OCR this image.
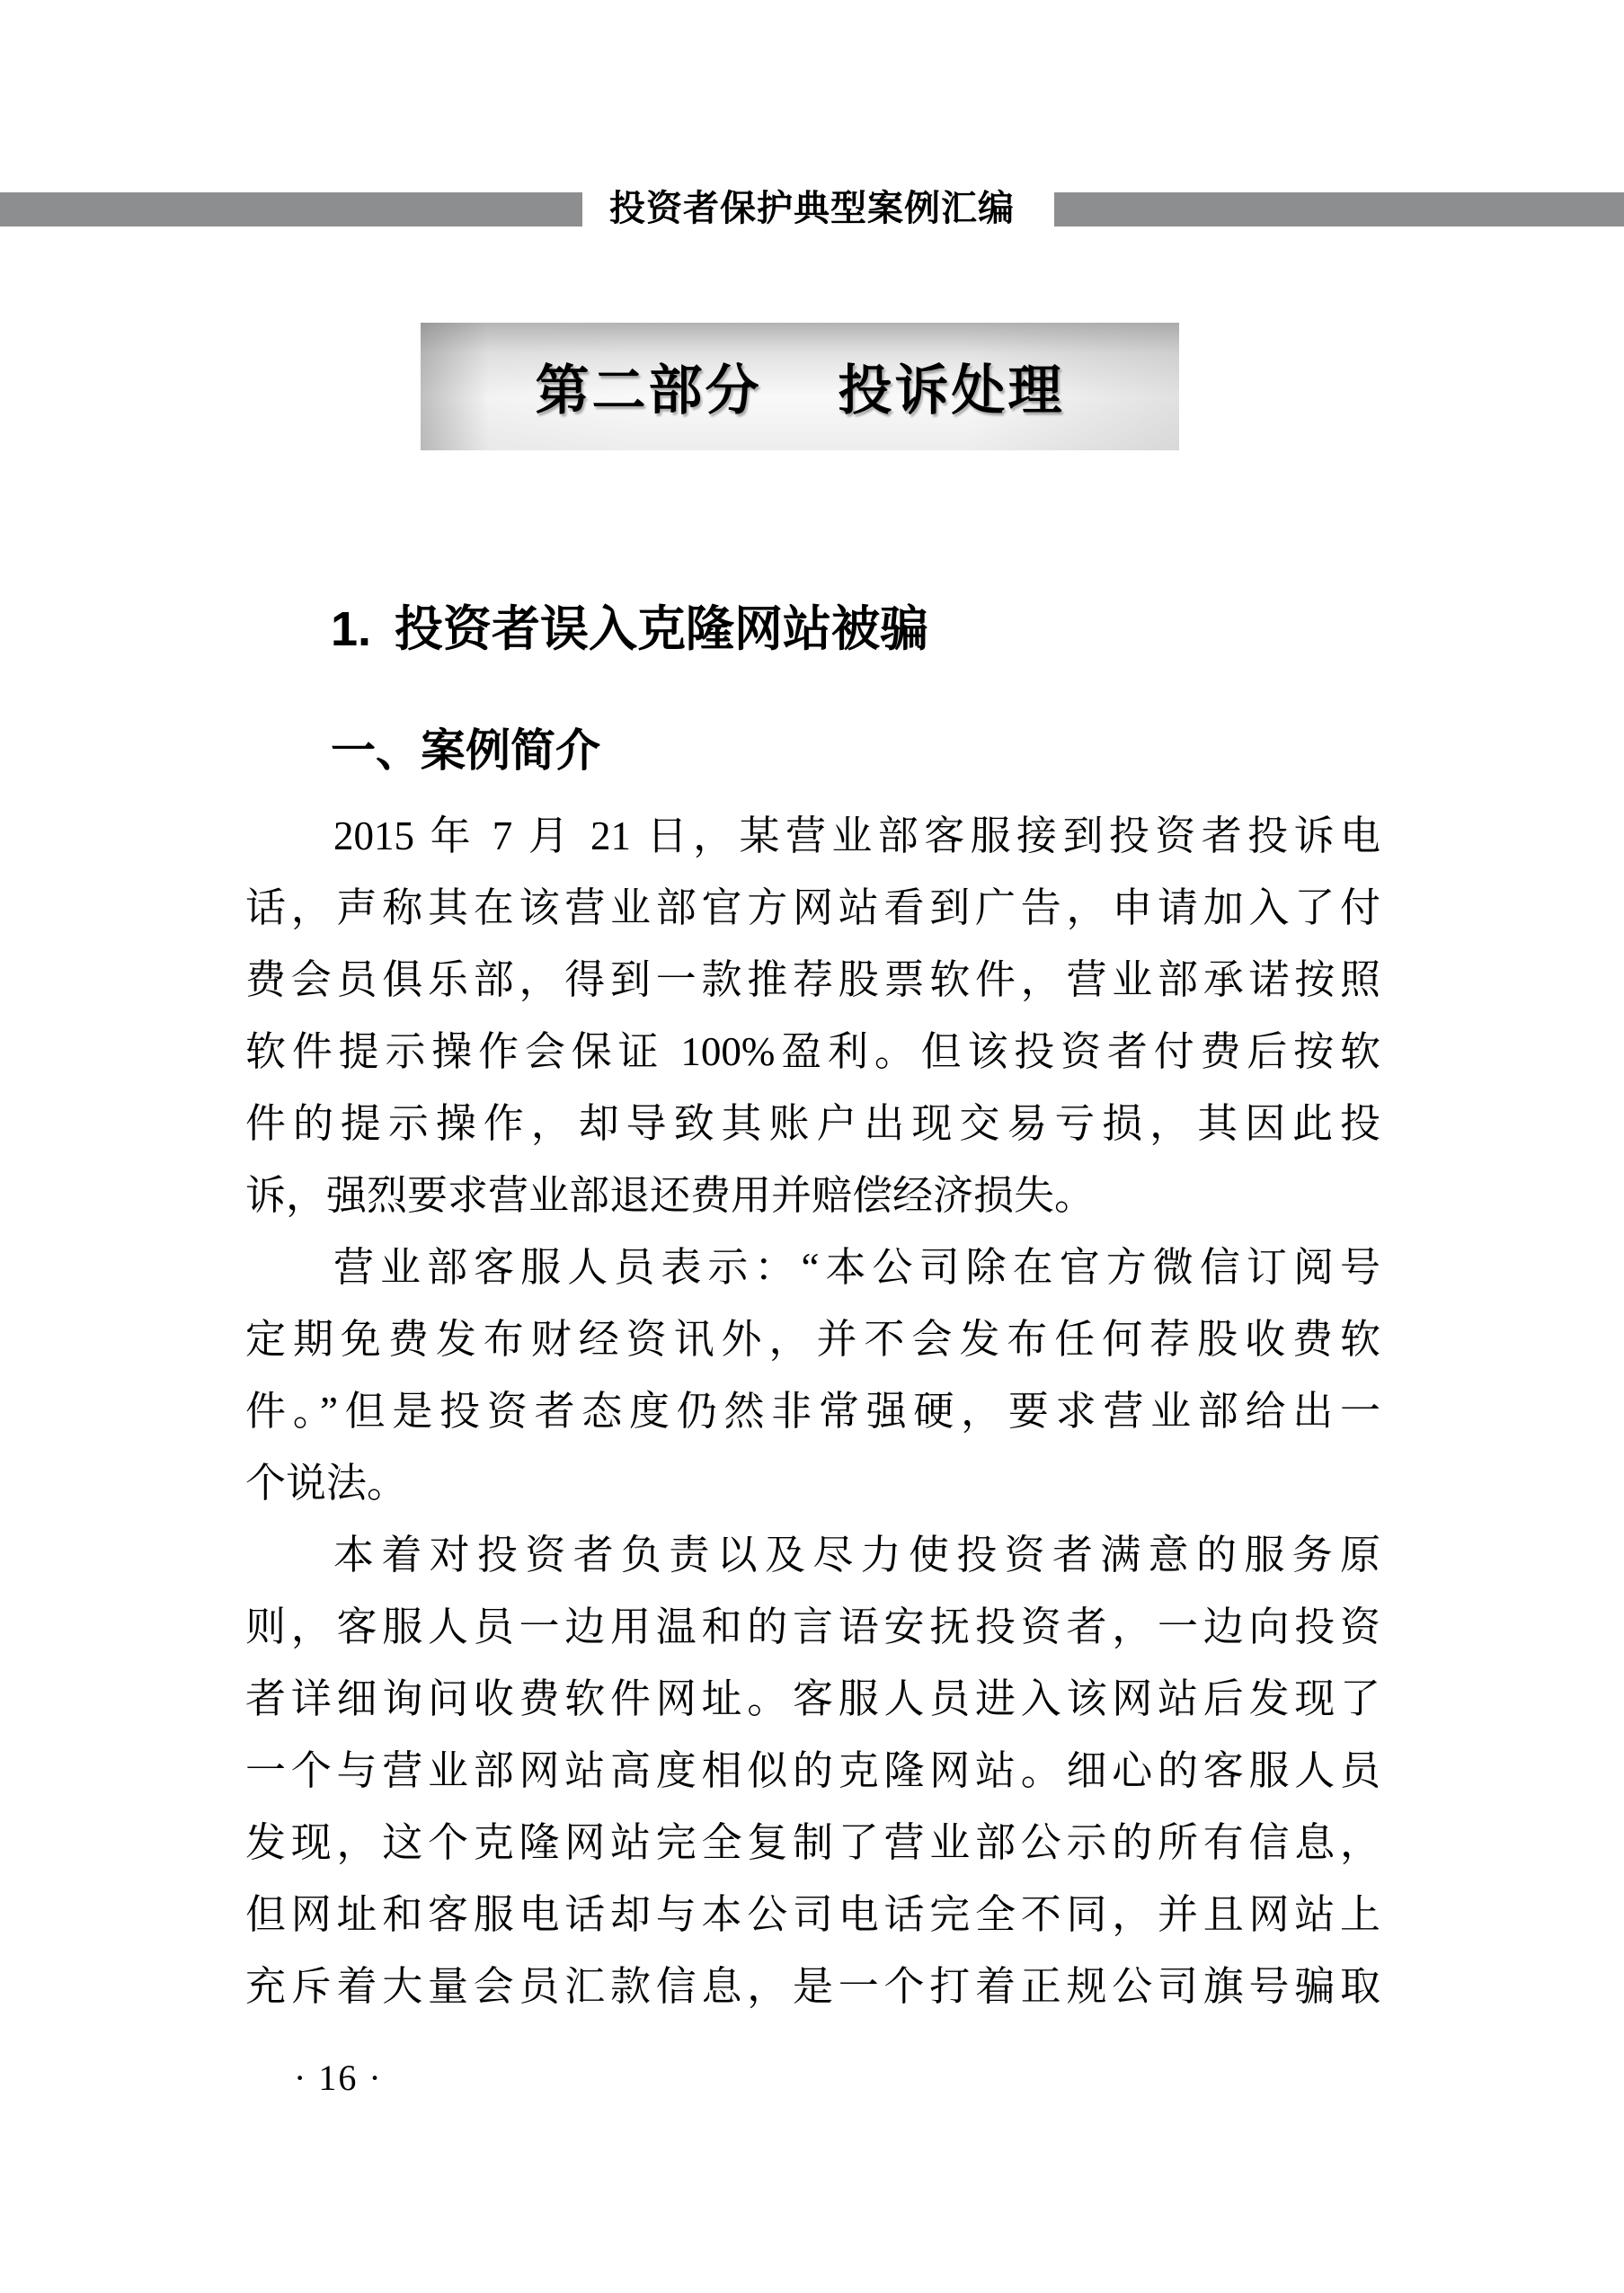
投资者保护典型案例汇编
第二部分 投诉处理
1. 投资者误入克隆网站被骗
一、案例简介
2015 年 7 月 21 日，某营业部客服接到投资者投诉电
话，声称其在该营业部官方网站看到广告，申请加入了付
费会员俱乐部，得到一款推荐股票软件，营业部承诺按照
软件提示操作会保证 100%盈利。但该投资者付费后按软
件的提示操作，却导致其账户出现交易亏损，其因此投
诉，强烈要求营业部退还费用并赔偿经济损失。
营业部客服人员表示：“本公司除在官方微信订阅号
定期免费发布财经资讯外，并不会发布任何荐股收费软
件。”但是投资者态度仍然非常强硬，要求营业部给出一
个说法。
本着对投资者负责以及尽力使投资者满意的服务原
则，客服人员一边用温和的言语安抚投资者，一边向投资
者详细询问收费软件网址。客服人员进入该网站后发现了
一个与营业部网站高度相似的克隆网站。细心的客服人员
发现，这个克隆网站完全复制了营业部公示的所有信息，
但网址和客服电话却与本公司电话完全不同，并且网站上
充斥着大量会员汇款信息，是一个打着正规公司旗号骗取
· 16 ·
